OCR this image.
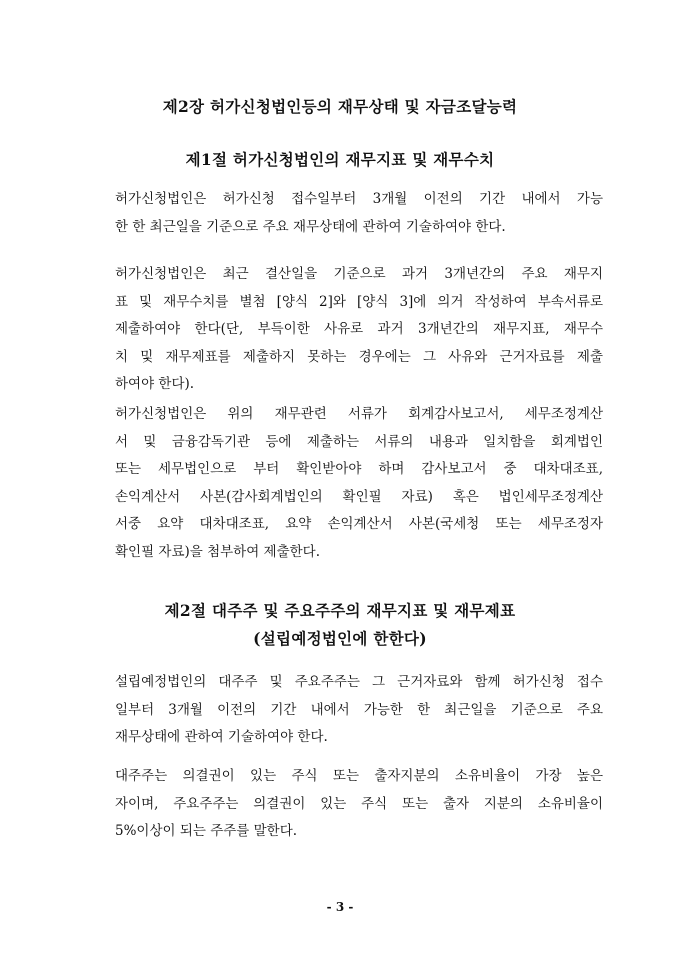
제2장 허가신청법인등의 재무상태 및 자금조달능력
제1절 허가신청법인의 재무지표 및 재무수치
허가신청법인은 허가신청 접수일부터 3개월 이전의 기간 내에서 가능
한 한 최근일을 기준으로 주요 재무상태에 관하여 기술하여야 한다.
허가신청법인은 최근 결산일을 기준으로 과거 3개년간의 주요 재무지
표 및 재무수치를 별첨 [양식 2]와 [양식 3]에 의거 작성하여 부속서류로
제출하여야 한다(단, 부득이한 사유로 과거 3개년간의 재무지표, 재무수
치 및 재무제표를 제출하지 못하는 경우에는 그 사유와 근거자료를 제출
하여야 한다).
허가신청법인은 위의 재무관련 서류가 회계감사보고서, 세무조정계산
서 및 금융감독기관 등에 제출하는 서류의 내용과 일치함을 회계법인
또는 세무법인으로 부터 확인받아야 하며 감사보고서 중 대차대조표,
손익계산서 사본(감사회계법인의 확인필 자료) 혹은 법인세무조정계산
서중 요약 대차대조표, 요약 손익계산서 사본(국세청 또는 세무조정자
확인필 자료)을 첨부하여 제출한다.
제2절 대주주 및 주요주주의 재무지표 및 재무제표
(설립예정법인에 한한다)
설립예정법인의 대주주 및 주요주주는 그 근거자료와 함께 허가신청 접수
일부터 3개월 이전의 기간 내에서 가능한 한 최근일을 기준으로 주요
재무상태에 관하여 기술하여야 한다.
대주주는 의결권이 있는 주식 또는 출자지분의 소유비율이 가장 높은
자이며, 주요주주는 의결권이 있는 주식 또는 출자 지분의 소유비율이
5%이상이 되는 주주를 말한다.
- 3 -
